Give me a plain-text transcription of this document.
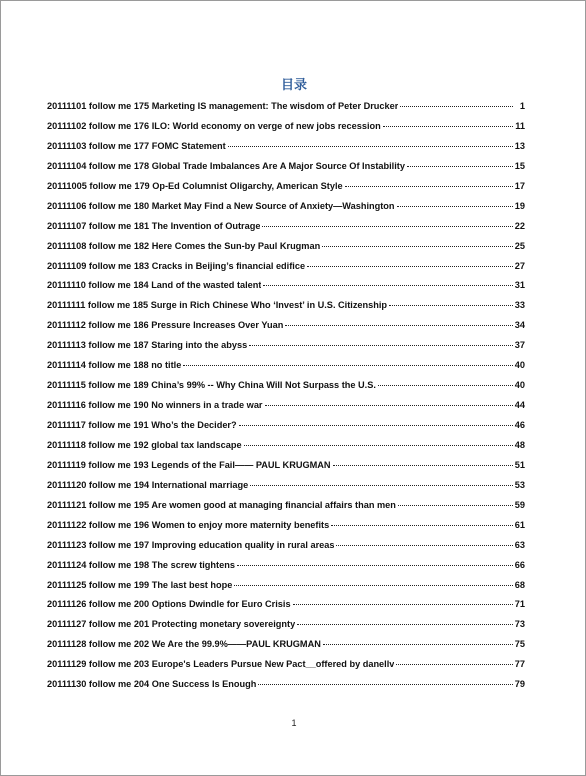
目录
20111101 follow me 175 Marketing IS management: The wisdom of Peter Drucker	1
20111102 follow me 176 ILO: World economy on verge of new jobs recession	11
20111103 follow me 177 FOMC Statement	13
20111104 follow me 178 Global Trade Imbalances Are A Major Source Of Instability	15
20111005 follow me 179 Op-Ed Columnist Oligarchy, American Style	17
20111106 follow me 180 Market May Find a New Source of Anxiety—Washington	19
20111107 follow me 181 The Invention of Outrage	22
20111108 follow me 182 Here Comes the Sun-by Paul Krugman	25
20111109 follow me 183 Cracks in Beijing’s financial edifice	27
20111110 follow me 184 Land of the wasted talent	31
20111111 follow me 185 Surge in Rich Chinese Who ‘Invest’ in U.S. Citizenship	33
20111112 follow me 186 Pressure Increases Over Yuan	34
20111113 follow me 187 Staring into the abyss	37
20111114 follow me 188 no title	40
20111115 follow me 189 China’s 99% -- Why China Will Not Surpass the U.S.	40
20111116 follow me 190 No winners in a trade war	44
20111117 follow me 191 Who’s the Decider?	46
20111118 follow me 192 global tax landscape	48
20111119 follow me 193 Legends of the Fail—— PAUL KRUGMAN	51
20111120 follow me 194 International marriage	53
20111121 follow me 195 Are women good at managing financial affairs than men	59
20111122 follow me 196 Women to enjoy more maternity benefits	61
20111123 follow me 197 Improving education quality in rural areas	63
20111124 follow me 198 The screw tightens	66
20111125 follow me 199 The last best hope	68
20111126 follow me 200 Options Dwindle for Euro Crisis	71
20111127 follow me 201 Protecting monetary sovereignty	73
20111128 follow me 202 We Are the 99.9%——PAUL KRUGMAN	75
20111129 follow me 203 Europe's Leaders Pursue New Pact__offered by danellv	77
20111130 follow me 204 One Success Is Enough	79
1
